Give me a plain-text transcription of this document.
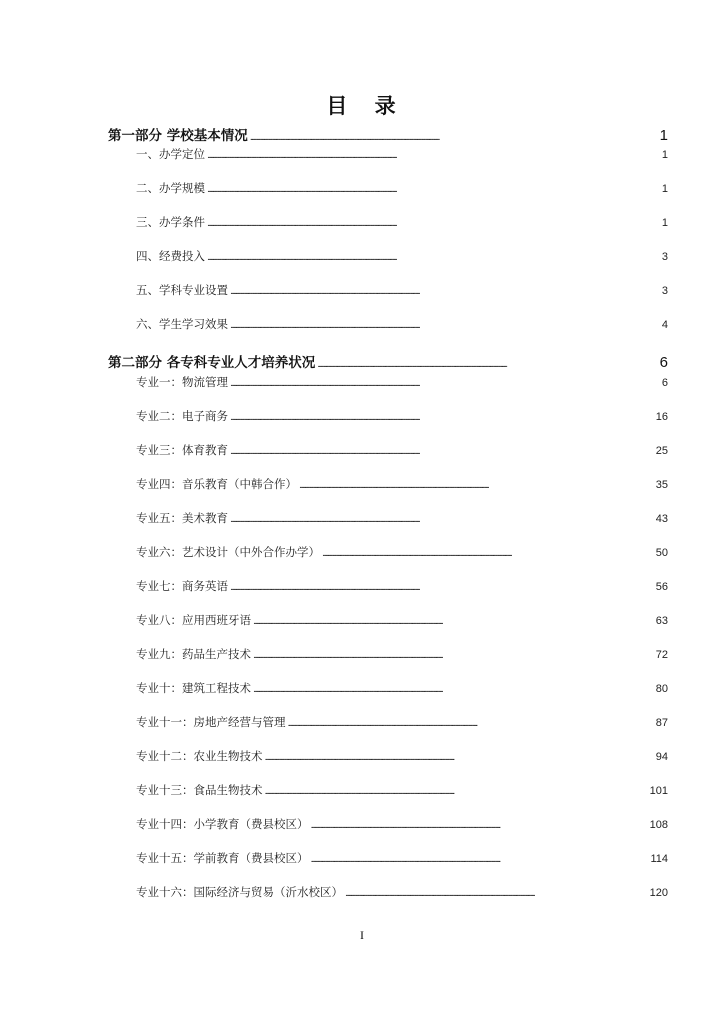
目 录
第一部分 学校基本情况 . . .	1
一、办学定位 . . .	1
二、办学规模 . . .	1
三、办学条件 . . .	1
四、经费投入 . . .	3
五、学科专业设置 . . .	3
六、学生学习效果 . . .	4
第二部分 各专科专业人才培养状况 . . .	6
专业一：物流管理 . . .	6
专业二：电子商务 . . .	16
专业三：体育教育 . . .	25
专业四：音乐教育（中韩合作） . . .	35
专业五：美术教育 . . .	43
专业六：艺术设计（中外合作办学） . . .	50
专业七：商务英语 . . .	56
专业八：应用西班牙语 . . .	63
专业九：药品生产技术 . . .	72
专业十：建筑工程技术 . . .	80
专业十一：房地产经营与管理 . . .	87
专业十二：农业生物技术 . . .	94
专业十三：食品生物技术 . . .	101
专业十四：小学教育（费县校区） . . .	108
专业十五：学前教育（费县校区） . . .	114
专业十六：国际经济与贸易（沂水校区） . . .	120
I
